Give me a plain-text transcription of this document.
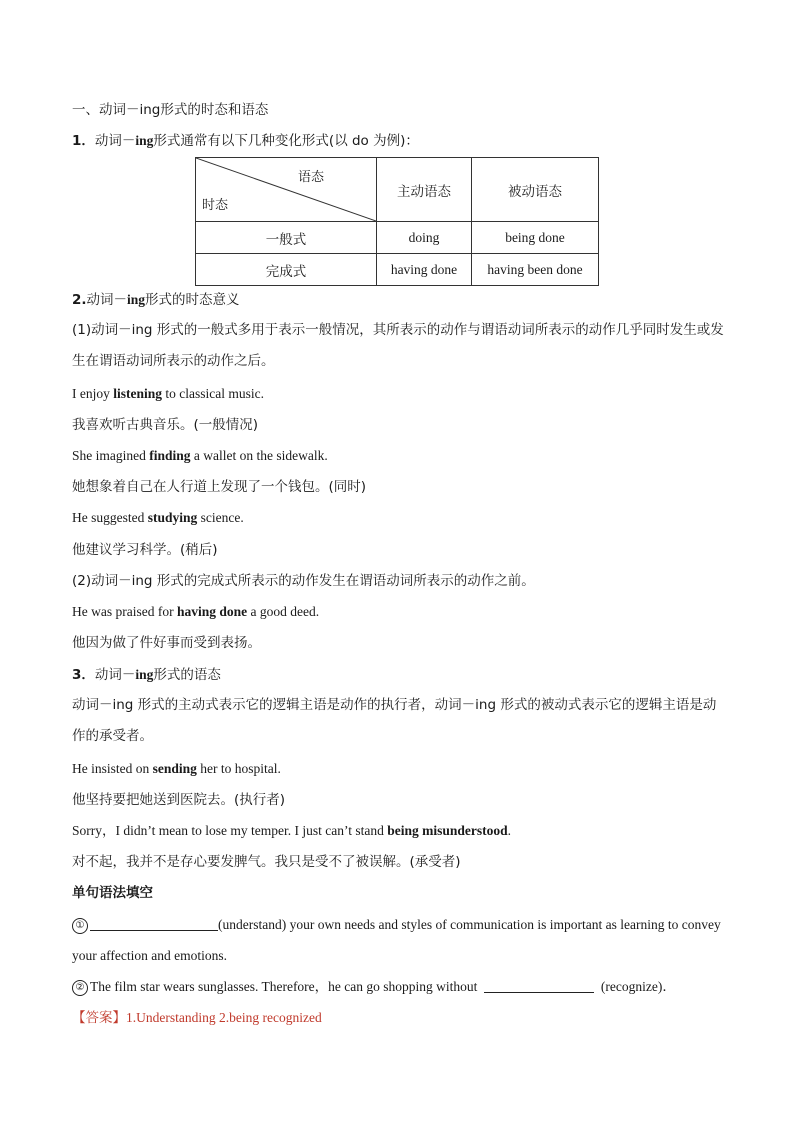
一、动词－ing形式的时态和语态
1．动词－ing形式通常有以下几种变化形式(以 do 为例)：
语态
时态	主动语态	被动语态
一般式	doing	being done
完成式	having done	having been done
2.动词－ing形式的时态意义
(1)动词－ing 形式的一般式多用于表示一般情况，其所表示的动作与谓语动词所表示的动作几乎同时发生或发生在谓语动词所表示的动作之后。
I enjoy listening to classical music.
我喜欢听古典音乐。(一般情况)
She imagined finding a wallet on the sidewalk.
她想象着自己在人行道上发现了一个钱包。(同时)
He suggested studying science.
他建议学习科学。(稍后)
(2)动词－ing 形式的完成式所表示的动作发生在谓语动词所表示的动作之前。
He was praised for having done a good deed.
他因为做了件好事而受到表扬。
3．动词－ing形式的语态
动词－ing 形式的主动式表示它的逻辑主语是动作的执行者，动词－ing 形式的被动式表示它的逻辑主语是动作的承受者。
He insisted on sending her to hospital.
他坚持要把她送到医院去。(执行者)
Sorry，I didn’t mean to lose my temper. I just can’t stand being misunderstood.
对不起，我并不是存心要发脾气。我只是受不了被误解。(承受者)
单句语法填空
①	(understand) your own needs and styles of communication is important as learning to convey your affection and emotions.
② The film star wears sunglasses. Therefore，he can go shopping without	(recognize)．
【答案】1.Understanding 2.being recognized
